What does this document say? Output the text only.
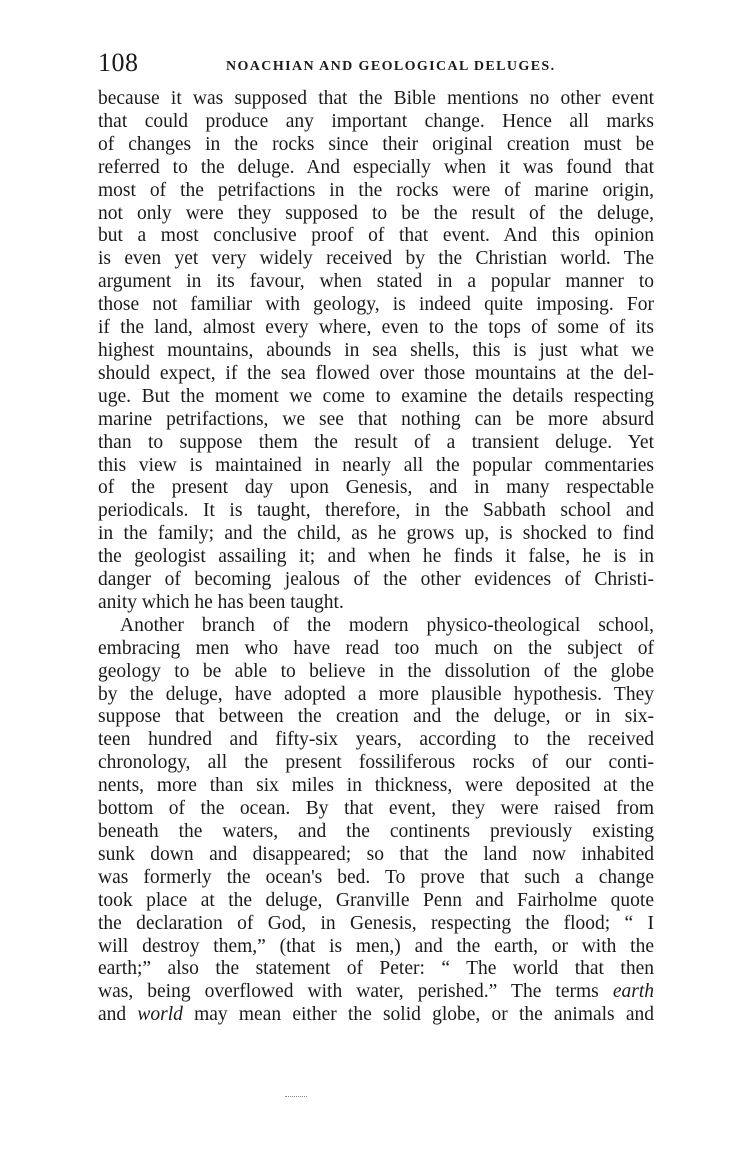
108	NOACHIAN AND GEOLOGICAL DELUGES.

because it was supposed that the Bible mentions no other event
that could produce any important change. Hence all marks
of changes in the rocks since their original creation must be
referred to the deluge. And especially when it was found that
most of the petrifactions in the rocks were of marine origin,
not only were they supposed to be the result of the deluge,
but a most conclusive proof of that event. And this opinion
is even yet very widely received by the Christian world. The
argument in its favour, when stated in a popular manner to
those not familiar with geology, is indeed quite imposing. For
if the land, almost every where, even to the tops of some of its
highest mountains, abounds in sea shells, this is just what we
should expect, if the sea flowed over those mountains at the del-
uge. But the moment we come to examine the details respecting
marine petrifactions, we see that nothing can be more absurd
than to suppose them the result of a transient deluge. Yet
this view is maintained in nearly all the popular commentaries
of the present day upon Genesis, and in many respectable
periodicals. It is taught, therefore, in the Sabbath school and
in the family; and the child, as he grows up, is shocked to find
the geologist assailing it; and when he finds it false, he is in
danger of becoming jealous of the other evidences of Christi-
anity which he has been taught.

Another branch of the modern physico-theological school,
embracing men who have read too much on the subject of
geology to be able to believe in the dissolution of the globe
by the deluge, have adopted a more plausible hypothesis. They
suppose that between the creation and the deluge, or in six-
teen hundred and fifty-six years, according to the received
chronology, all the present fossiliferous rocks of our conti-
nents, more than six miles in thickness, were deposited at the
bottom of the ocean. By that event, they were raised from
beneath the waters, and the continents previously existing
sunk down and disappeared; so that the land now inhabited
was formerly the ocean's bed. To prove that such a change
took place at the deluge, Granville Penn and Fairholme quote
the declaration of God, in Genesis, respecting the flood; “ I
will destroy them,” (that is men,) and the earth, or with the
earth;” also the statement of Peter: “ The world that then
was, being overflowed with water, perished.” The terms earth
and world may mean either the solid globe, or the animals and
